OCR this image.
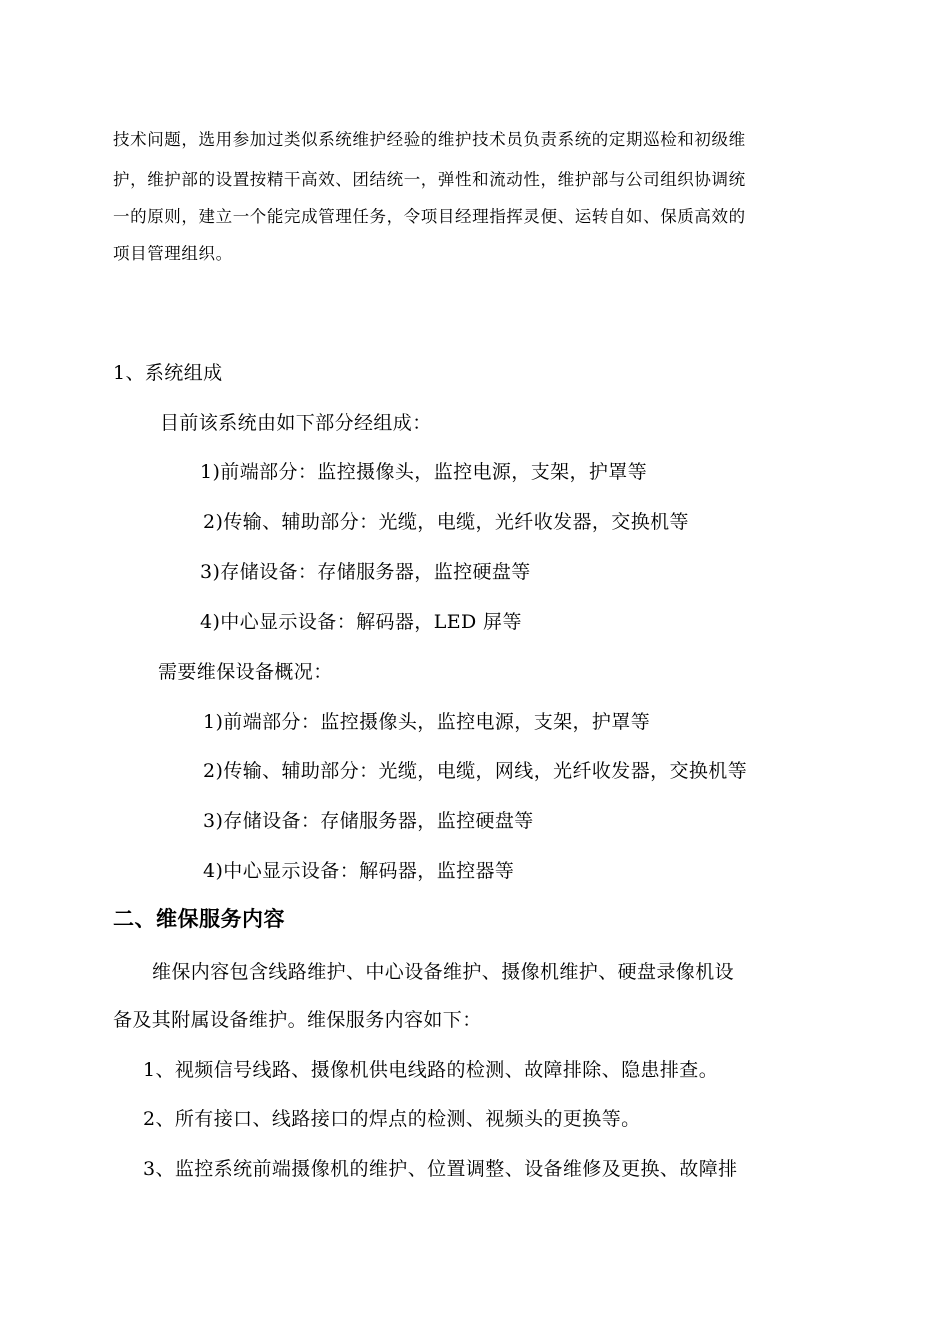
技术问题，选用参加过类似系统维护经验的维护技术员负责系统的定期巡检和初级维
护，维护部的设置按精干高效、团结统一，弹性和流动性，维护部与公司组织协调统
一的原则，建立一个能完成管理任务，令项目经理指挥灵便、运转自如、保质高效的
项目管理组织。
1、系统组成
目前该系统由如下部分经组成：
1)前端部分：监控摄像头，监控电源，支架，护罩等
2)传输、辅助部分：光缆，电缆，光纤收发器，交换机等
3)存储设备：存储服务器，监控硬盘等
4)中心显示设备：解码器，LED 屏等
需要维保设备概况：
1)前端部分：监控摄像头，监控电源，支架，护罩等
2)传输、辅助部分：光缆，电缆，网线，光纤收发器，交换机等
3)存储设备：存储服务器，监控硬盘等
4)中心显示设备：解码器，监控器等
二、维保服务内容
维保内容包含线路维护、中心设备维护、摄像机维护、硬盘录像机设
备及其附属设备维护。维保服务内容如下：
1、视频信号线路、摄像机供电线路的检测、故障排除、隐患排查。
2、所有接口、线路接口的焊点的检测、视频头的更换等。
3、监控系统前端摄像机的维护、位置调整、设备维修及更换、故障排
